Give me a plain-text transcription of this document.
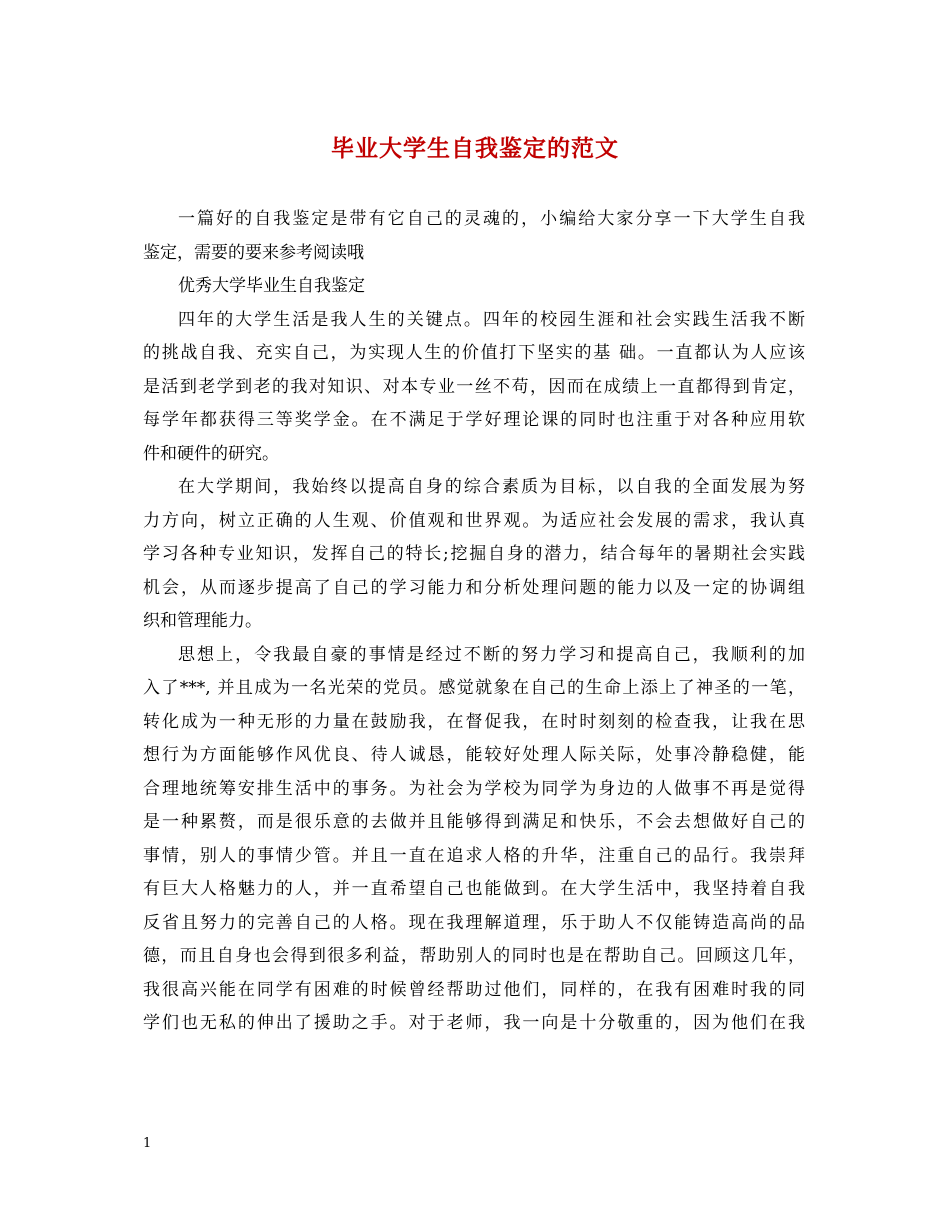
毕业大学生自我鉴定的范文
一篇好的自我鉴定是带有它自己的灵魂的，小编给大家分享一下大学生自我
鉴定，需要的要来参考阅读哦
优秀大学毕业生自我鉴定
四年的大学生活是我人生的关键点。四年的校园生涯和社会实践生活我不断
的挑战自我、充实自己，为实现人生的价值打下坚实的基 础。一直都认为人应该
是活到老学到老的我对知识、对本专业一丝不苟，因而在成绩上一直都得到肯定，
每学年都获得三等奖学金。在不满足于学好理论课的同时也注重于对各种应用软
件和硬件的研究。
在大学期间，我始终以提高自身的综合素质为目标，以自我的全面发展为努
力方向，树立正确的人生观、价值观和世界观。为适应社会发展的需求，我认真
学习各种专业知识，发挥自己的特长;挖掘自身的潜力，结合每年的暑期社会实践
机会，从而逐步提高了自己的学习能力和分析处理问题的能力以及一定的协调组
织和管理能力。
思想上，令我最自豪的事情是经过不断的努力学习和提高自己，我顺利的加
入了***, 并且成为一名光荣的党员。感觉就象在自己的生命上添上了神圣的一笔，
转化成为一种无形的力量在鼓励我，在督促我，在时时刻刻的检查我，让我在思
想行为方面能够作风优良、待人诚恳，能较好处理人际关际，处事冷静稳健，能
合理地统筹安排生活中的事务。为社会为学校为同学为身边的人做事不再是觉得
是一种累赘，而是很乐意的去做并且能够得到满足和快乐，不会去想做好自己的
事情，别人的事情少管。并且一直在追求人格的升华，注重自己的品行。我崇拜
有巨大人格魅力的人，并一直希望自己也能做到。在大学生活中，我坚持着自我
反省且努力的完善自己的人格。现在我理解道理，乐于助人不仅能铸造高尚的品
德，而且自身也会得到很多利益，帮助别人的同时也是在帮助自己。回顾这几年，
我很高兴能在同学有困难的时候曾经帮助过他们，同样的，在我有困难时我的同
学们也无私的伸出了援助之手。对于老师，我一向是十分敬重的，因为他们在我
1
